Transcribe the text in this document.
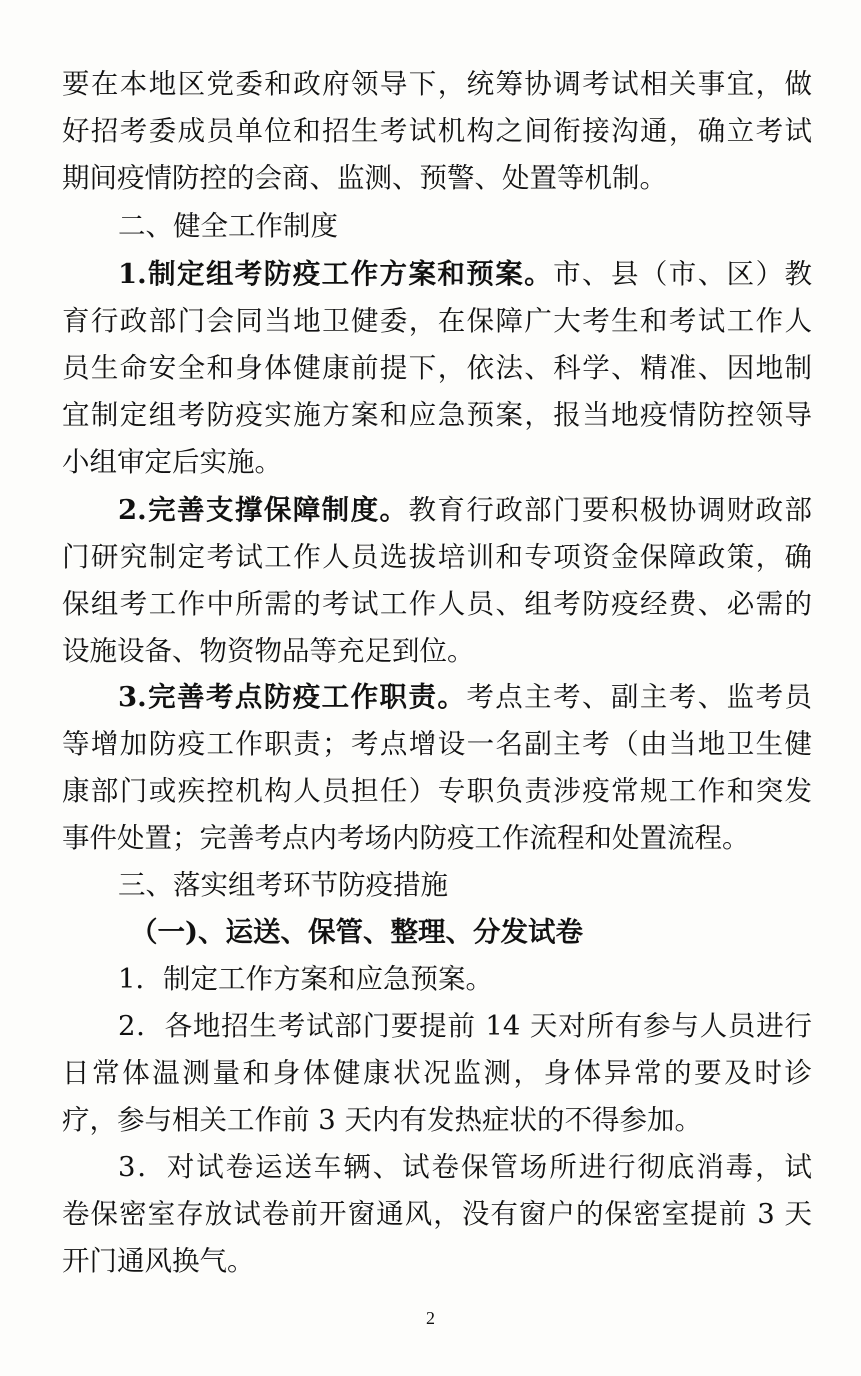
要在本地区党委和政府领导下，统筹协调考试相关事宜，做
好招考委成员单位和招生考试机构之间衔接沟通，确立考试
期间疫情防控的会商、监测、预警、处置等机制。
二、健全工作制度
1.制定组考防疫工作方案和预案。市、县（市、区）教
育行政部门会同当地卫健委，在保障广大考生和考试工作人
员生命安全和身体健康前提下，依法、科学、精准、因地制
宜制定组考防疫实施方案和应急预案，报当地疫情防控领导
小组审定后实施。
2.完善支撑保障制度。教育行政部门要积极协调财政部
门研究制定考试工作人员选拔培训和专项资金保障政策，确
保组考工作中所需的考试工作人员、组考防疫经费、必需的
设施设备、物资物品等充足到位。
3.完善考点防疫工作职责。考点主考、副主考、监考员
等增加防疫工作职责；考点增设一名副主考（由当地卫生健
康部门或疾控机构人员担任）专职负责涉疫常规工作和突发
事件处置；完善考点内考场内防疫工作流程和处置流程。
三、落实组考环节防疫措施
（一)、运送、保管、整理、分发试卷
1．制定工作方案和应急预案。
2．各地招生考试部门要提前 14 天对所有参与人员进行
日常体温测量和身体健康状况监测，身体异常的要及时诊
疗，参与相关工作前 3 天内有发热症状的不得参加。
3．对试卷运送车辆、试卷保管场所进行彻底消毒，试
卷保密室存放试卷前开窗通风，没有窗户的保密室提前 3 天
开门通风换气。
2
